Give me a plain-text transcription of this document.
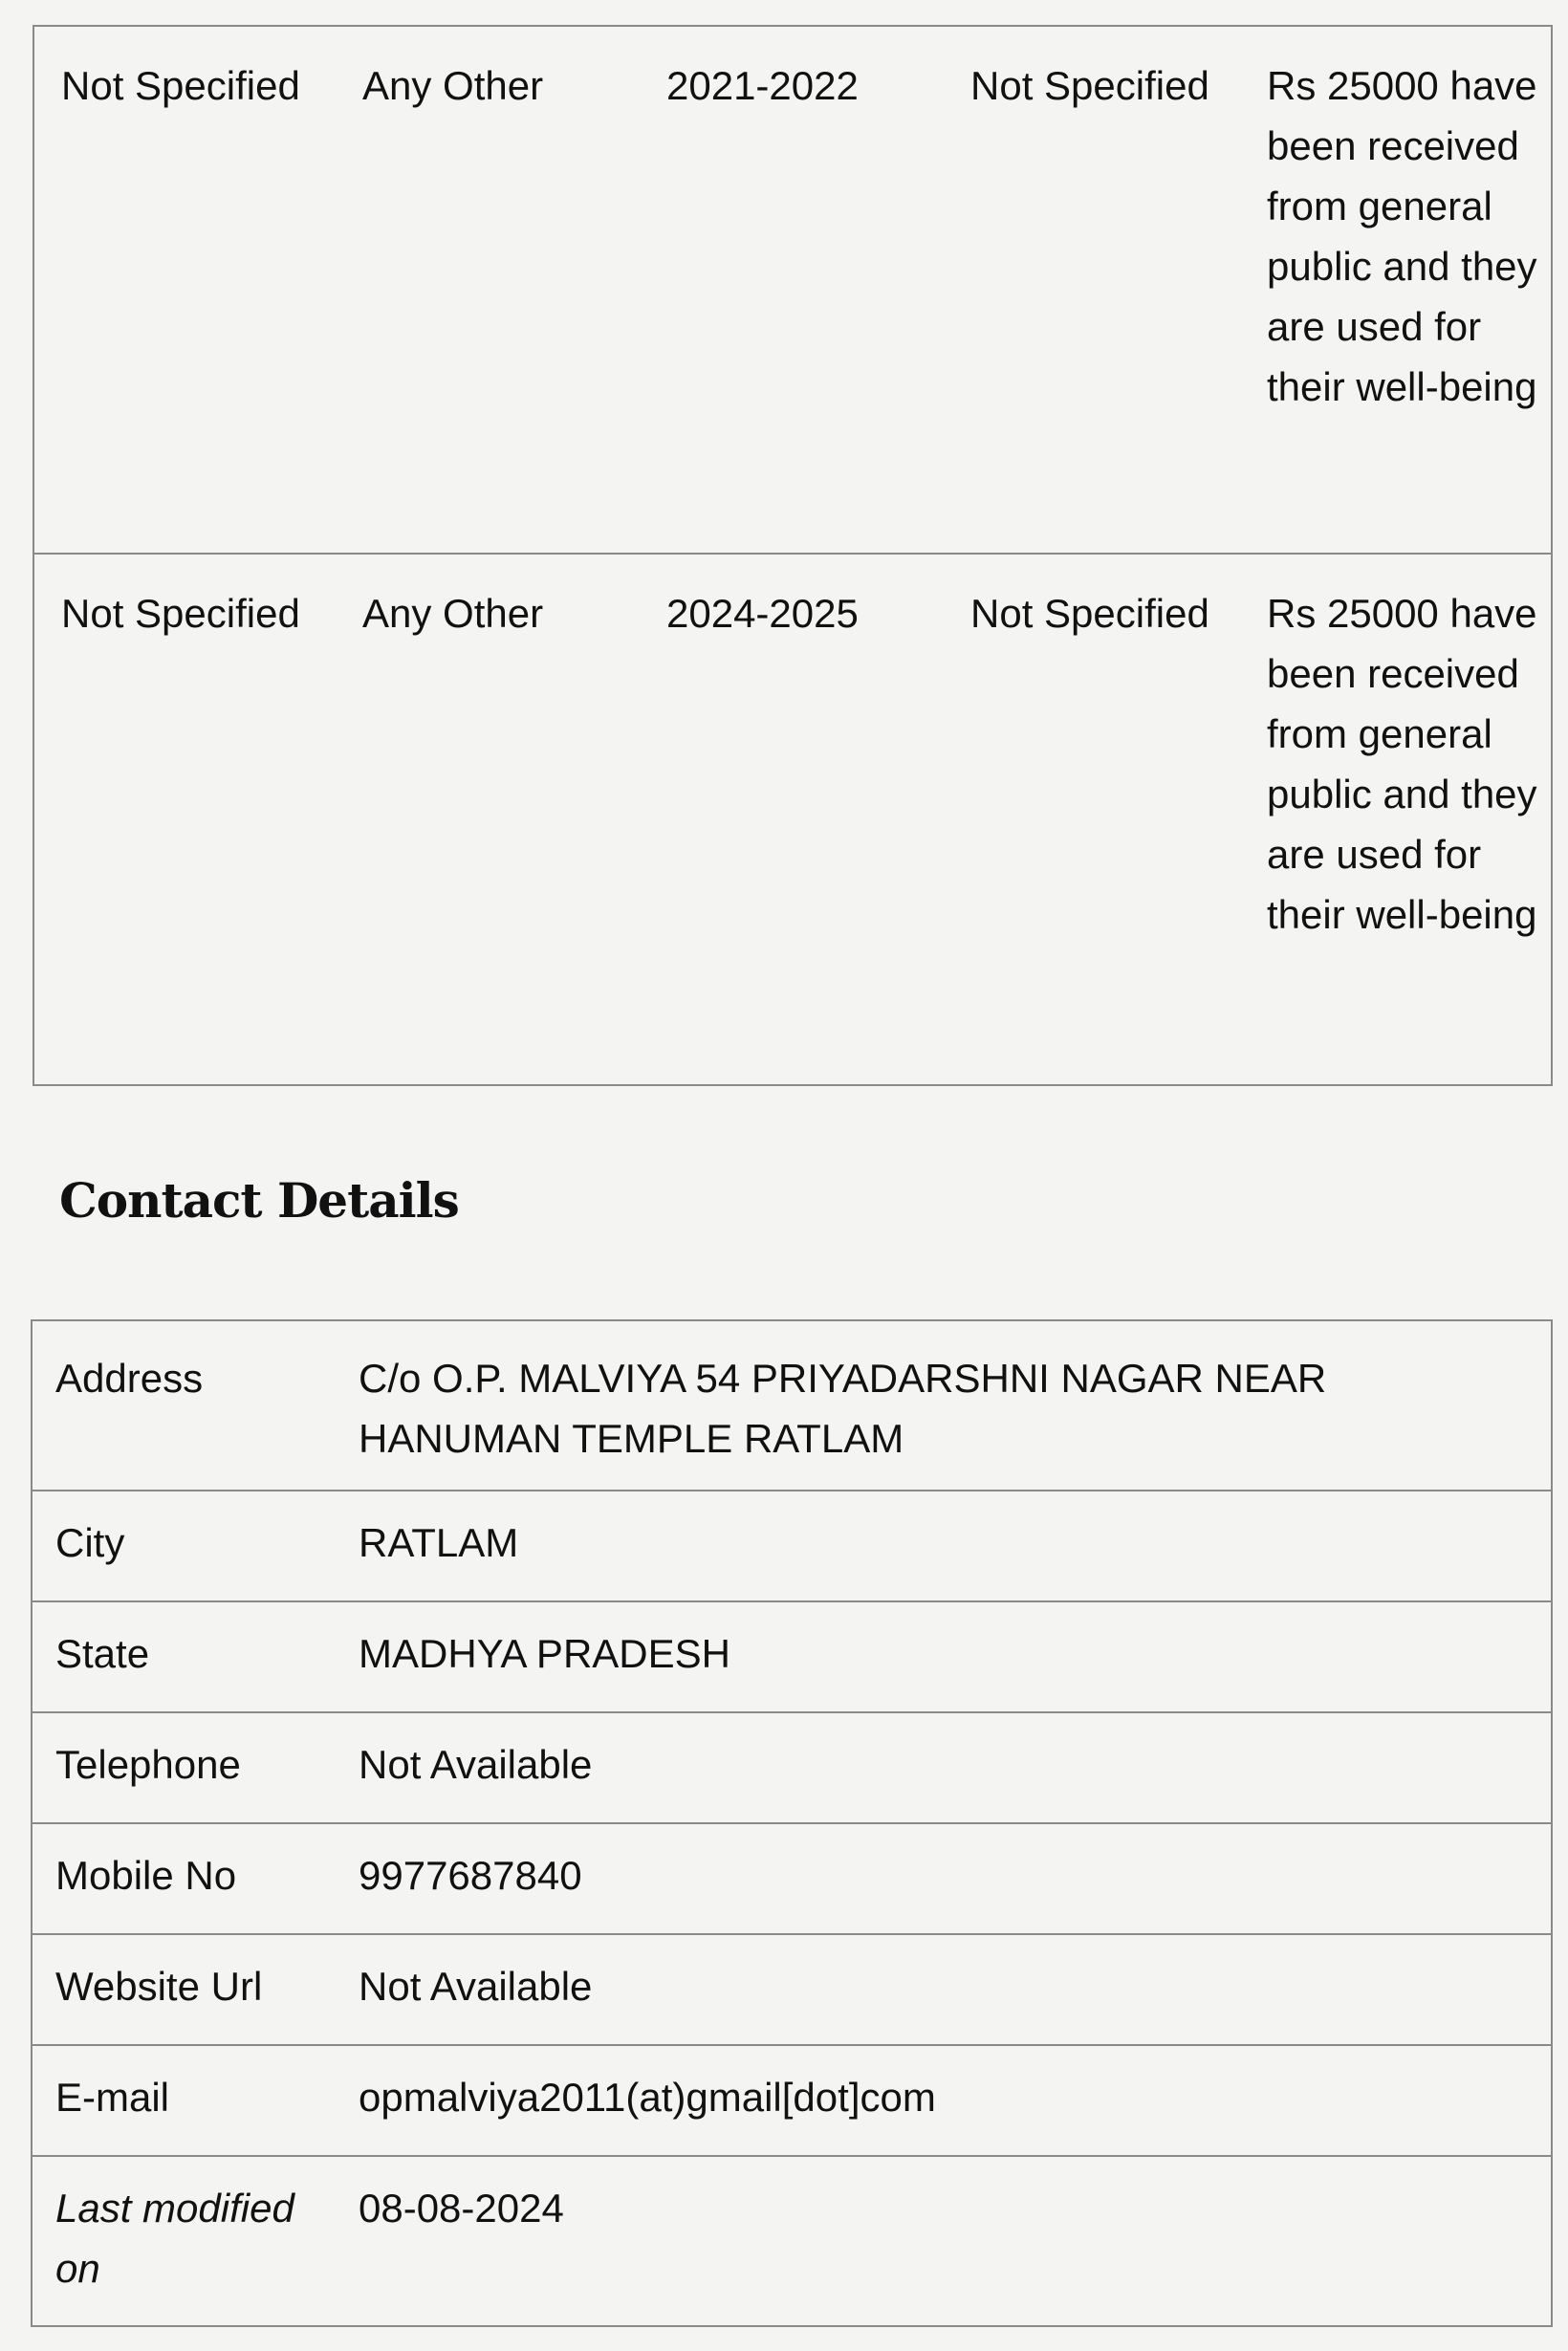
Not Specified	Any Other	2021-2022	Not Specified	Rs 25000 have been received from general public and they are used for their well-being
Not Specified	Any Other	2024-2025	Not Specified	Rs 25000 have been received from general public and they are used for their well-being
Contact Details
Address	C/o O.P. MALVIYA 54 PRIYADARSHNI NAGAR NEAR HANUMAN TEMPLE RATLAM
City	RATLAM
State	MADHYA PRADESH
Telephone	Not Available
Mobile No	9977687840
Website Url	Not Available
E-mail	opmalviya2011(at)gmail[dot]com
Last modified on	08-08-2024
